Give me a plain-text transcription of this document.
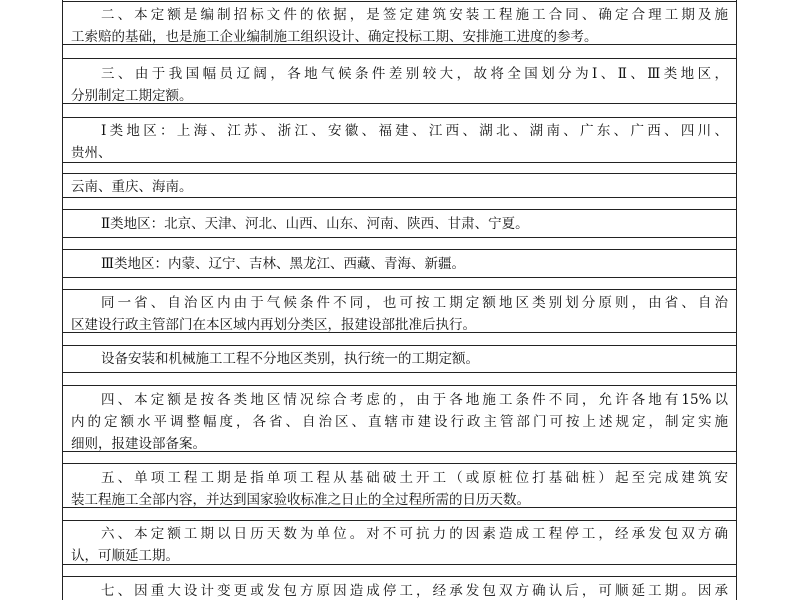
二、本定额是编制招标文件的依据，是签定建筑安装工程施工合同、确定合理工期及施
工索赔的基础，也是施工企业编制施工组织设计、确定投标工期、安排施工进度的参考。
三、由于我国幅员辽阔，各地气候条件差别较大，故将全国划分为Ⅰ、Ⅱ、Ⅲ类地区，
分别制定工期定额。
Ⅰ类地区：上海、江苏、浙江、安徽、福建、江西、湖北、湖南、广东、广西、四川、
贵州、
云南、重庆、海南。
Ⅱ类地区：北京、天津、河北、山西、山东、河南、陕西、甘肃、宁夏。
Ⅲ类地区：内蒙、辽宁、吉林、黑龙江、西藏、青海、新疆。
同一省、自治区内由于气候条件不同，也可按工期定额地区类别划分原则，由省、自治
区建设行政主管部门在本区域内再划分类区，报建设部批准后执行。
设备安装和机械施工工程不分地区类别，执行统一的工期定额。
四、本定额是按各类地区情况综合考虑的，由于各地施工条件不同，允许各地有15%以
内的定额水平调整幅度，各省、自治区、直辖市建设行政主管部门可按上述规定，制定实施
细则，报建设部备案。
五、单项工程工期是指单项工程从基础破土开工（或原桩位打基础桩）起至完成建筑安
装工程施工全部内容，并达到国家验收标准之日止的全过程所需的日历天数。
六、本定额工期以日历天数为单位。对不可抗力的因素造成工程停工，经承发包双方确
认，可顺延工期。
七、因重大设计变更或发包方原因造成停工，经承发包双方确认后，可顺延工期。因承
